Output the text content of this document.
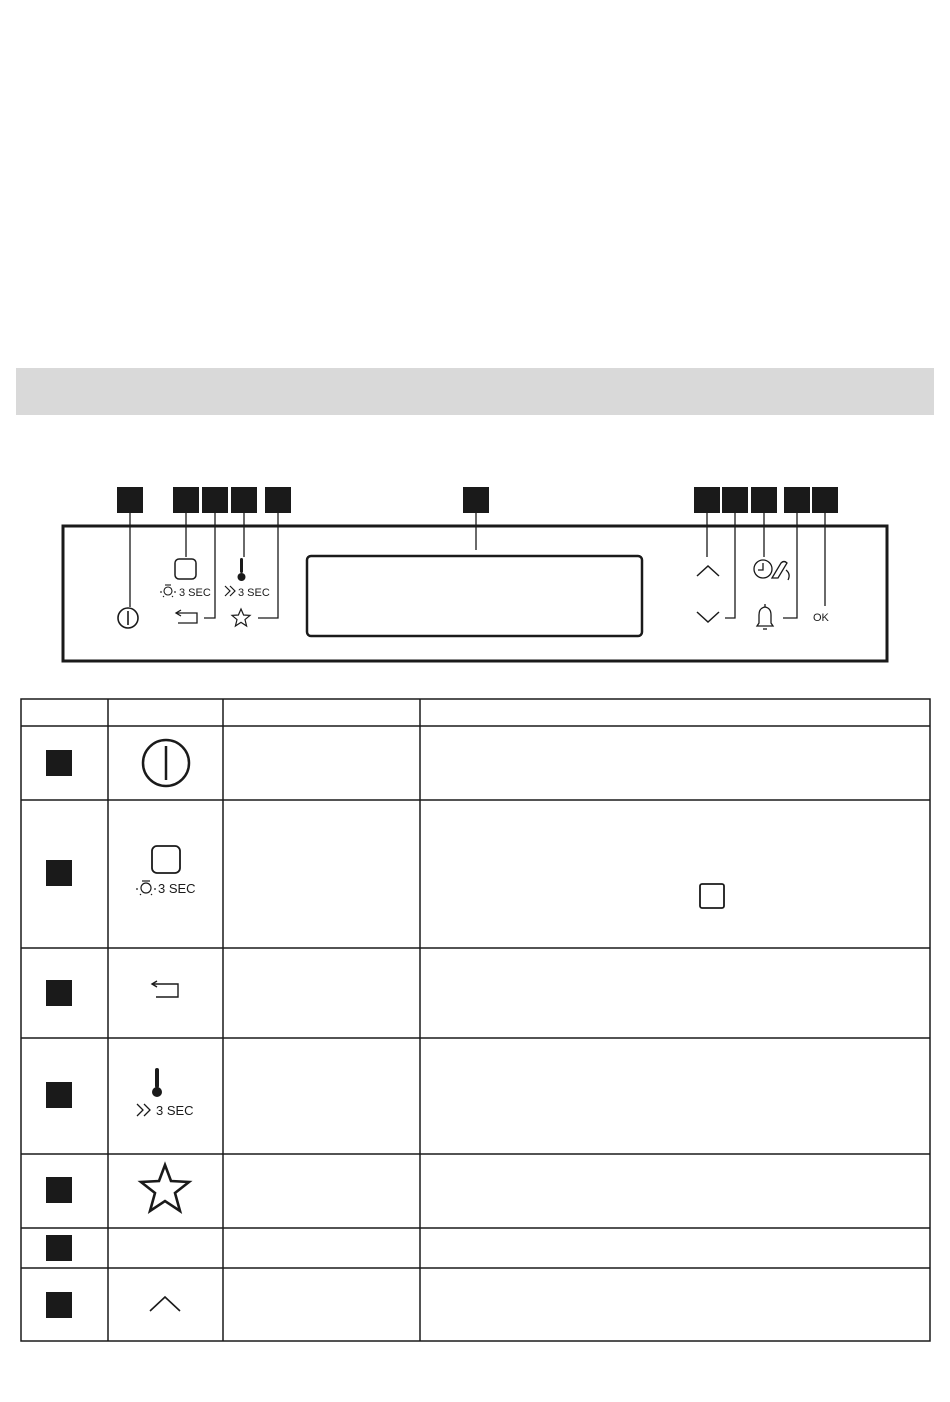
3 SEC 3 SEC
OK
3 SEC
3 SEC
